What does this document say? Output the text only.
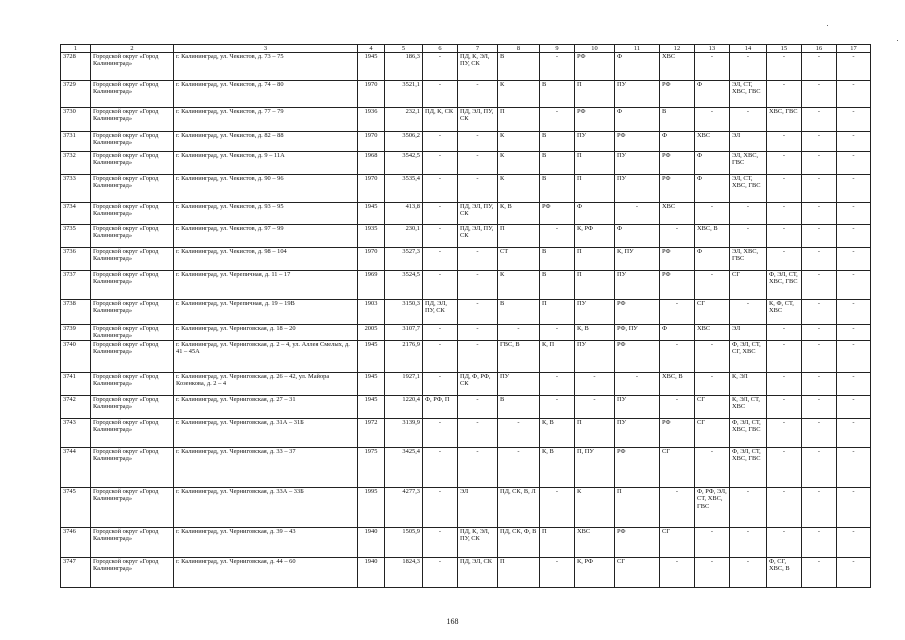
1	2	3	4	5	6	7	8	9	10	11	12	13	14	15	16	17
3728	Городской округ «Город Калининград»	г. Калининград, ул. Чекистов, д. 73 – 75	1945	186,3	-	ПД, К, ЭЛ, ПУ, СК	В	-	РФ	Ф	ХВС	-	-	-	-	-
3729	Городской округ «Город Калининград»	г. Калининград, ул. Чекистов, д. 74 – 80	1970	3521,1	-	-	К	В	П	ПУ	РФ	Ф	ЭЛ, СТ, ХВС, ГВС	-	-	-
3730	Городской округ «Город Калининград»	г. Калининград, ул. Чекистов, д. 77 – 79	1936	232,1	ПД, К, СК	ПД, ЭЛ, ПУ, СК	П	-	РФ	Ф	В	-	-	ХВС, ГВС	-	-
3731	Городской округ «Город Калининград»	г. Калининград, ул. Чекистов, д. 82 – 88	1970	3506,2	-	-	К	В	ПУ	РФ	Ф	ХВС	ЭЛ	-	-	-
3732	Городской округ «Город Калининград»	г. Калининград, ул. Чекистов, д. 9 – 11А	1968	3542,5	-	-	К	В	П	ПУ	РФ	Ф	ЭЛ, ХВС, ГВС	-	-	-
3733	Городской округ «Город Калининград»	г. Калининград, ул. Чекистов, д. 90 – 96	1970	3535,4	-	-	К	В	П	ПУ	РФ	Ф	ЭЛ, СТ, ХВС, ГВС	-	-	-
3734	Городской округ «Город Калининград»	г. Калининград, ул. Чекистов, д. 93 – 95	1945	413,8	-	ПД, ЭЛ, ПУ, СК	К, В	РФ	Ф	-	ХВС	-	-	-	-	-
3735	Городской округ «Город Калининград»	г. Калининград, ул. Чекистов, д. 97 – 99	1935	230,1	-	ПД, ЭЛ, ПУ, СК	П	-	К, РФ	Ф	-	ХВС, В	-	-	-	-
3736	Городской округ «Город Калининград»	г. Калининград, ул. Чекистов, д. 98 – 104	1970	3527,3	-	-	СТ	В	П	К, ПУ	РФ	Ф	ЭЛ, ХВС, ГВС	-	-	-
3737	Городской округ «Город Калининград»	г. Калининград, ул. Черепичная, д. 11 – 17	1969	3524,5	-	-	К	В	П	ПУ	РФ	-	СГ	Ф, ЭЛ, СТ, ХВС, ГВС	-	-
3738	Городской округ «Город Калининград»	г. Калининград, ул. Черепичная, д. 19 – 19В	1903	3150,3	ПД, ЭЛ, ПУ, СК	-	В	П	ПУ	РФ	-	СГ	-	К, Ф, СТ, ХВС	-	-
3739	Городской округ «Город Калининград»	г. Калининград, ул. Черниговская, д. 18 – 20	2005	3107,7	-	-	-	-	К, В	РФ, ПУ	Ф	ХВС	ЭЛ	-	-	-
3740	Городской округ «Город Калининград»	г. Калининград, ул. Черниговская, д. 2 – 4, ул. Аллея Смелых, д. 41 – 45А	1945	2176,9	-	-	ГВС, В	К, П	ПУ	РФ	-	-	Ф, ЭЛ, СТ, СГ, ХВС	-	-	-
3741	Городской округ «Город Калининград»	г. Калининград, ул. Черниговская, д. 26 – 42, ул. Майора Козенкова, д. 2 – 4	1945	1927,1	-	ПД, Ф, РФ, СК	ПУ	-	-	-	ХВС, В	-	К, ЭЛ	-	-	-
3742	Городской округ «Город Калининград»	г. Калининград, ул. Черниговская, д. 27 – 31	1945	1220,4	Ф, РФ, П	-	В	-	-	ПУ	-	СГ	К, ЭЛ, СТ, ХВС	-	-	-
3743	Городской округ «Город Калининград»	г. Калининград, ул. Черниговская, д. 31А – 31Б	1972	3139,9	-	-	-	К, В	П	ПУ	РФ	СГ	Ф, ЭЛ, СТ, ХВС, ГВС	-	-	-
3744	Городской округ «Город Калининград»	г. Калининград, ул. Черниговская, д. 33 – 37	1975	3425,4	-	-	-	К, В	П, ПУ	РФ	СГ	-	Ф, ЭЛ, СТ, ХВС, ГВС	-	-	-
3745	Городской округ «Город Калининград»	г. Калининград, ул. Черниговская, д. 33А – 33Б	1995	4277,3	-	ЭЛ	ПД, СК, В, Л	-	К	П	-	Ф, РФ, ЭЛ, СТ, ХВС, ГВС	-	-	-	-
3746	Городской округ «Город Калининград»	г. Калининград, ул. Черниговская, д. 39 – 43	1940	1505,9	-	ПД, К, ЭЛ, ПУ, СК	ПД, СК, Ф, В	П	ХВС	РФ	СГ	-	-	-	-	-
3747	Городской округ «Город Калининград»	г. Калининград, ул. Черниговская, д. 44 – 60	1940	1824,3	-	ПД, ЭЛ, СК	П	-	К, РФ	СГ	-	-	-	Ф, СГ, ХВС, В	-	-
168
